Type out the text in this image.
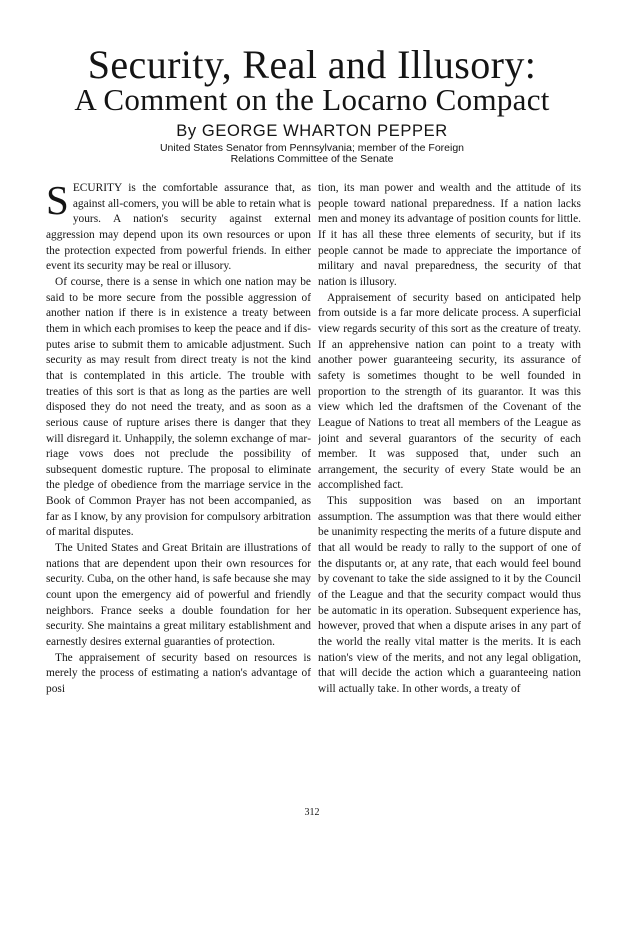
Security, Real and Illusory:
A Comment on the Locarno Compact
By GEORGE WHARTON PEPPER
United States Senator from Pennsylvania; member of the Foreign
Relations Committee of the Senate

SECURITY is the comfortable assurance that, as against all-comers, you will be able to retain what is yours. A nation's security against external aggression may depend upon its own resources or upon the protection expected from powerful friends. In either event its security may be real or illusory.

Of course, there is a sense in which one nation may be said to be more secure from the possible aggression of another nation if there is in existence a treaty between them in which each promises to keep the peace and if disputes arise to submit them to amicable adjustment. Such security as may result from direct treaty is not the kind that is contemplated in this article. The trouble with treaties of this sort is that as long as the parties are well disposed they do not need the treaty, and as soon as a serious cause of rupture arises there is danger that they will disregard it. Unhappily, the solemn exchange of marriage vows does not preclude the possibility of subsequent domestic rupture. The proposal to eliminate the pledge of obedience from the marriage service in the Book of Common Prayer has not been accompanied, as far as I know, by any provision for compulsory arbitration of marital disputes.

The United States and Great Britain are illustrations of nations that are dependent upon their own resources for security. Cuba, on the other hand, is safe because she may count upon the emergency aid of powerful and friendly neighbors. France seeks a double foundation for her security. She maintains a great military establishment and earnestly desires external guaranties of protection.

The appraisement of security based on resources is merely the process of estimating a nation's advantage of posi

tion, its man power and wealth and the attitude of its people toward national preparedness. If a nation lacks men and money its advantage of position counts for little. If it has all these three elements of security, but if its people cannot be made to appreciate the importance of military and naval preparedness, the security of that nation is illusory.

Appraisement of security based on anticipated help from outside is a far more delicate process. A superficial view regards security of this sort as the creature of treaty. If an apprehensive nation can point to a treaty with another power guaranteeing security, its assurance of safety is sometimes thought to be well founded in proportion to the strength of its guarantor. It was this view which led the draftsmen of the Covenant of the League of Nations to treat all members of the League as joint and several guarantors of the security of each member. It was supposed that, under such an arrangement, the security of every State would be an accomplished fact.

This supposition was based on an important assumption. The assumption was that there would either be unanimity respecting the merits of a future dispute and that all would be ready to rally to the support of one of the disputants or, at any rate, that each would feel bound by covenant to take the side assigned to it by the Council of the League and that the security compact would thus be automatic in its operation. Subsequent experience has, however, proved that when a dispute arises in any part of the world the really vital matter is the merits. It is each nation's view of the merits, and not any legal obligation, that will decide the action which a guaranteeing nation will actually take. In other words, a treaty of

312
